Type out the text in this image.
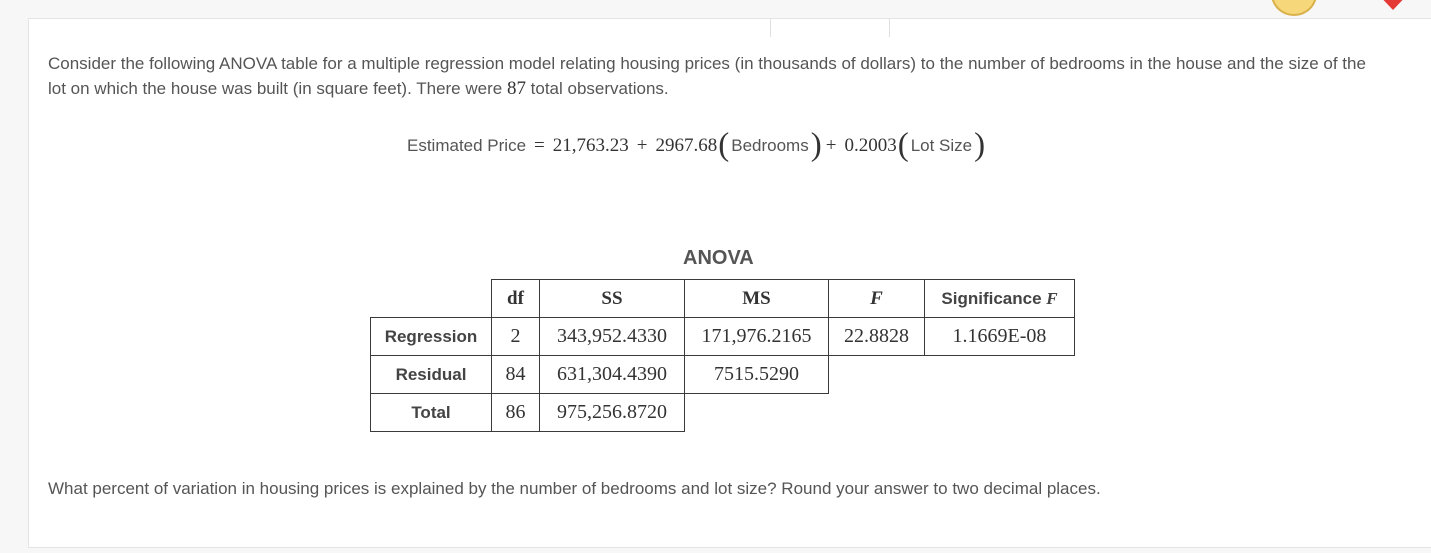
Consider the following ANOVA table for a multiple regression model relating housing prices (in thousands of dollars) to the number of bedrooms in the house and the size of the lot on which the house was built (in square feet). There were 87 total observations.
Estimated Price = 21,763.23 + 2967.68 ( Bedrooms ) + 0.2003 ( Lot Size )
ANOVA
	df	SS	MS	F	Significance F
Regression	2	343,952.4330	171,976.2165	22.8828	1.1669E-08
Residual	84	631,304.4390	7515.5290		
Total	86	975,256.8720			
What percent of variation in housing prices is explained by the number of bedrooms and lot size? Round your answer to two decimal places.
